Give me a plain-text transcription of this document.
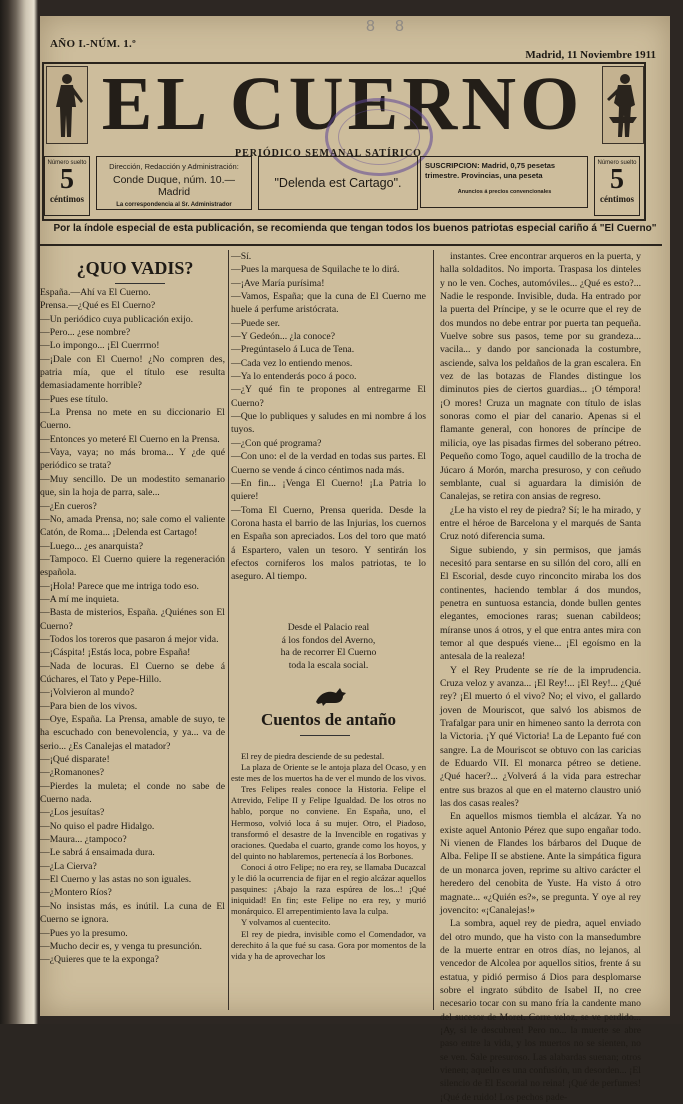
8 8
AÑO I.-NÚM. 1.º
Madrid, 11 Noviembre 1911
EL CUERNO
PERIÓDICO SEMANAL SATÍRICO
Número suelto
5
céntimos
Número suelto
5
céntimos
Dirección, Redacción y Administración:
Conde Duque, núm. 10.—Madrid
La correspondencia al Sr. Administrador
"Delenda est Cartago".
SUSCRIPCION: Madrid, 0,75 pesetas trimestre. Provincias, una peseta
Anuncios á precios convencionales
Por la índole especial de esta publicación, se recomienda que tengan todos los buenos patriotas especial cariño á "El Cuerno"
¿QUO VADIS?

España.—Ahí va El Cuerno.

Prensa.—¿Qué es El Cuerno?

—Un periódico cuya publicación exijo.

—Pero... ¿ese nombre?

—Lo impongo... ¡El Cuerrrno!

—¡Dale con El Cuerno! ¿No compren des, patria mía, que el título ese resulta demasiadamente horrible?

—Pues ese título.

—La Prensa no mete en su diccionario El Cuerno.

—Entonces yo meteré El Cuerno en la Prensa.

—Vaya, vaya; no más broma... Y ¿de qué periódico se trata?

—Muy sencillo. De un modestito semanario que, sin la hoja de parra, sale...

—¿En cueros?

—No, amada Prensa, no; sale como el valiente Catón, de Roma... ¡Delenda est Cartago!

—Luego... ¿es anarquista?

—Tampoco. El Cuerno quiere la regeneración española.

—¡Hola! Parece que me intriga todo eso.

—A mí me inquieta.

—Basta de misterios, España. ¿Quiénes son El Cuerno?

—Todos los toreros que pasaron á mejor vida.

—¡Cáspita! ¡Estás loca, pobre España!

—Nada de locuras. El Cuerno se debe á Cúchares, el Tato y Pepe-Hillo.

—¡Volvieron al mundo?

—Para bien de los vivos.

—Oye, España. La Prensa, amable de suyo, te ha escuchado con benevolencia, y ya... va de serio... ¿Es Canalejas el matador?

—¡Qué disparate!

—¿Romanones?

—Pierdes la muleta; el conde no sabe de Cuerno nada.

—¿Los jesuítas?

—No quiso el padre Hidalgo.

—Maura... ¿tampoco?

—Le sabrá á ensaimada dura.

—¿La Cierva?

—El Cuerno y las astas no son iguales.

—¿Montero Ríos?

—No insistas más, es inútil. La cuna de El Cuerno se ignora.

—Pues yo la presumo.

—Mucho decir es, y venga tu presunción.

—¿Quieres que te la exponga?

—Sí.

—Pues la marquesa de Squilache te lo dirá.

—¡Ave María purísima!

—Vamos, España; que la cuna de El Cuerno me huele á perfume aristócrata.

—Puede ser.

—Y Gedeón... ¿la conoce?

—Pregúntaselo á Luca de Tena.

—Cada vez lo entiendo menos.

—Ya lo entenderás poco á poco.

—¿Y qué fin te propones al entregarme El Cuerno?

—Que lo publiques y saludes en mi nombre á los tuyos.

—¿Con qué programa?

—Con uno: el de la verdad en todas sus partes. El Cuerno se vende á cinco céntimos nada más.

—En fin... ¡Venga El Cuerno! ¡La Patria lo quiere!

—Toma El Cuerno, Prensa querida. Desde la Corona hasta el barrio de las Injurias, los cuernos en España son apreciados. Los del toro que mató á Espartero, valen un tesoro. Y sentirán los efectos corniferos los malos patriotas, te lo aseguro. Al tiempo.

Desde el Palacio real
á los fondos del Averno,
ha de recorrer El Cuerno
toda la escala social.
Cuentos de antaño

El rey de piedra desciende de su pedestal.

La plaza de Oriente se le antoja plaza del Ocaso, y en este mes de los muertos ha de ver el mundo de los vivos.

Tres Felipes reales conoce la Historia. Felipe el Atrevido, Felipe II y Felipe Igualdad. De los otros no hablo, porque no conviene. En España, uno, el Hermoso, volvió loca á su mujer. Otro, el Piadoso, transformó el desastre de la Invencible en rogativas y oraciones. Quedaba el cuarto, grande como los hoyos, y del quinto no hablaremos, pertenecía á los Borbones.

Conoci á otro Felipe; no era rey, se llamaba Ducazcal y le dió la ocurrencia de fijar en el regio alcázar aquellos pasquines: ¡Abajo la raza espúrea de los...! ¡Qué iniquidad! En fin; este Felipe no era rey, y murió monárquico. El arrepentimiento lava la culpa.

Y volvamos al cuentecito.

El rey de piedra, invisible como el Comendador, va derechito á la que fué su casa. Gora por momentos de la vida y ha de aprovechar los

instantes. Cree encontrar arqueros en la puerta, y halla soldaditos. No importa. Traspasa los dinteles y no le ven. Coches, automóviles... ¿Qué es esto?... Nadie le responde. Invisible, duda. Ha entrado por la puerta del Príncipe, y se le ocurre que el rey de dos mundos no debe entrar por puerta tan pequeña. Vuelve sobre sus pasos, teme por su grandeza... vacila... y dando por sancionada la costumbre, asciende, salva los peldaños de la gran escalera. En vez de las botazas de Flandes distingue los diminutos pies de ciertos guardias... ¡O témpora! ¡O mores! Cruza un magnate con título de islas sonoras como el piar del canario. Apenas si el flamante general, con honores de príncipe de milicia, oye las pisadas firmes del soberano pétreo. Pequeño como Togo, aquel caudillo de la trocha de Júcaro á Morón, marcha presuroso, y con ceñudo semblante, cual si aguardara la dimisión de Canalejas, se retira con ansias de regreso.

¿Le ha visto el rey de piedra? Sí; le ha mirado, y entre el héroe de Barcelona y el marqués de Santa Cruz notó diferencia suma.

Sigue subiendo, y sin permisos, que jamás necesitó para sentarse en su sillón del coro, allí en El Escorial, desde cuyo rinconcito miraba los dos continentes, haciendo temblar á dos mundos, penetra en suntuosa estancia, donde bullen gentes elegantes, emociones raras; suenan cabildeos; míranse unos á otros, y el que entra antes mira con temor al que después viene... ¡El egoísmo en la antesala de la realeza!

Y el Rey Prudente se ríe de la imprudencia. Cruza veloz y avanza... ¡El Rey!... ¡El Rey!... ¿Qué rey? ¡El muerto ó el vivo? No; el vivo, el gallardo joven de Mouriscot, que salvó los abismos de Trafalgar para unir en himeneo santo la derrota con la Victoria. ¡Y qué Victoria! La de Lepanto fué con sangre. La de Mouriscot se obtuvo con las caricias de Eduardo VII. El monarca pétreo se detiene. ¿Qué hacer?... ¿Volverá á la vida para estrechar entre sus brazos al que en el materno claustro unió las dos casas reales?

En aquellos mismos tiembla el alcázar. Ya no existe aquel Antonio Pérez que supo engañar todo. Ni vienen de Flandes los bárbaros del Duque de Alba. Felipe II se abstiene. Ante la simpática figura de un monarca joven, reprime su altivo carácter el heredero del cenobita de Yuste. Ha visto á otro magnate... «¿Quién es?», se pregunta. Y oye al rey jovencito: «¡Canalejas!»

La sombra, aquel rey de piedra, aquel enviado del otro mundo, que ha visto con la mansedumbre de la muerte entrar en otros días, no lejanos, al vencedor de Alcolea por aquellos sitios, frente á su estatua, y pidió permiso á Dios para desplomarse sobre el ingrato súbdito de Isabel II, no cree necesario tocar con su mano fría la candente mano del sucesor de Moret. Corre veloz, se ve perdido... ¡Ay, si le descubren! Pero no... la muerte se abre paso entre la vida, y los muertos no se sienten, no se ven. Sale presuroso. Las alabardas suenan; otros vienen; aquello es una confusión, un desorden... ¡El silencio de El Escorial no reina! ¡Qué de perfumes! ¡Qué de ruido! Los pechos pade-
